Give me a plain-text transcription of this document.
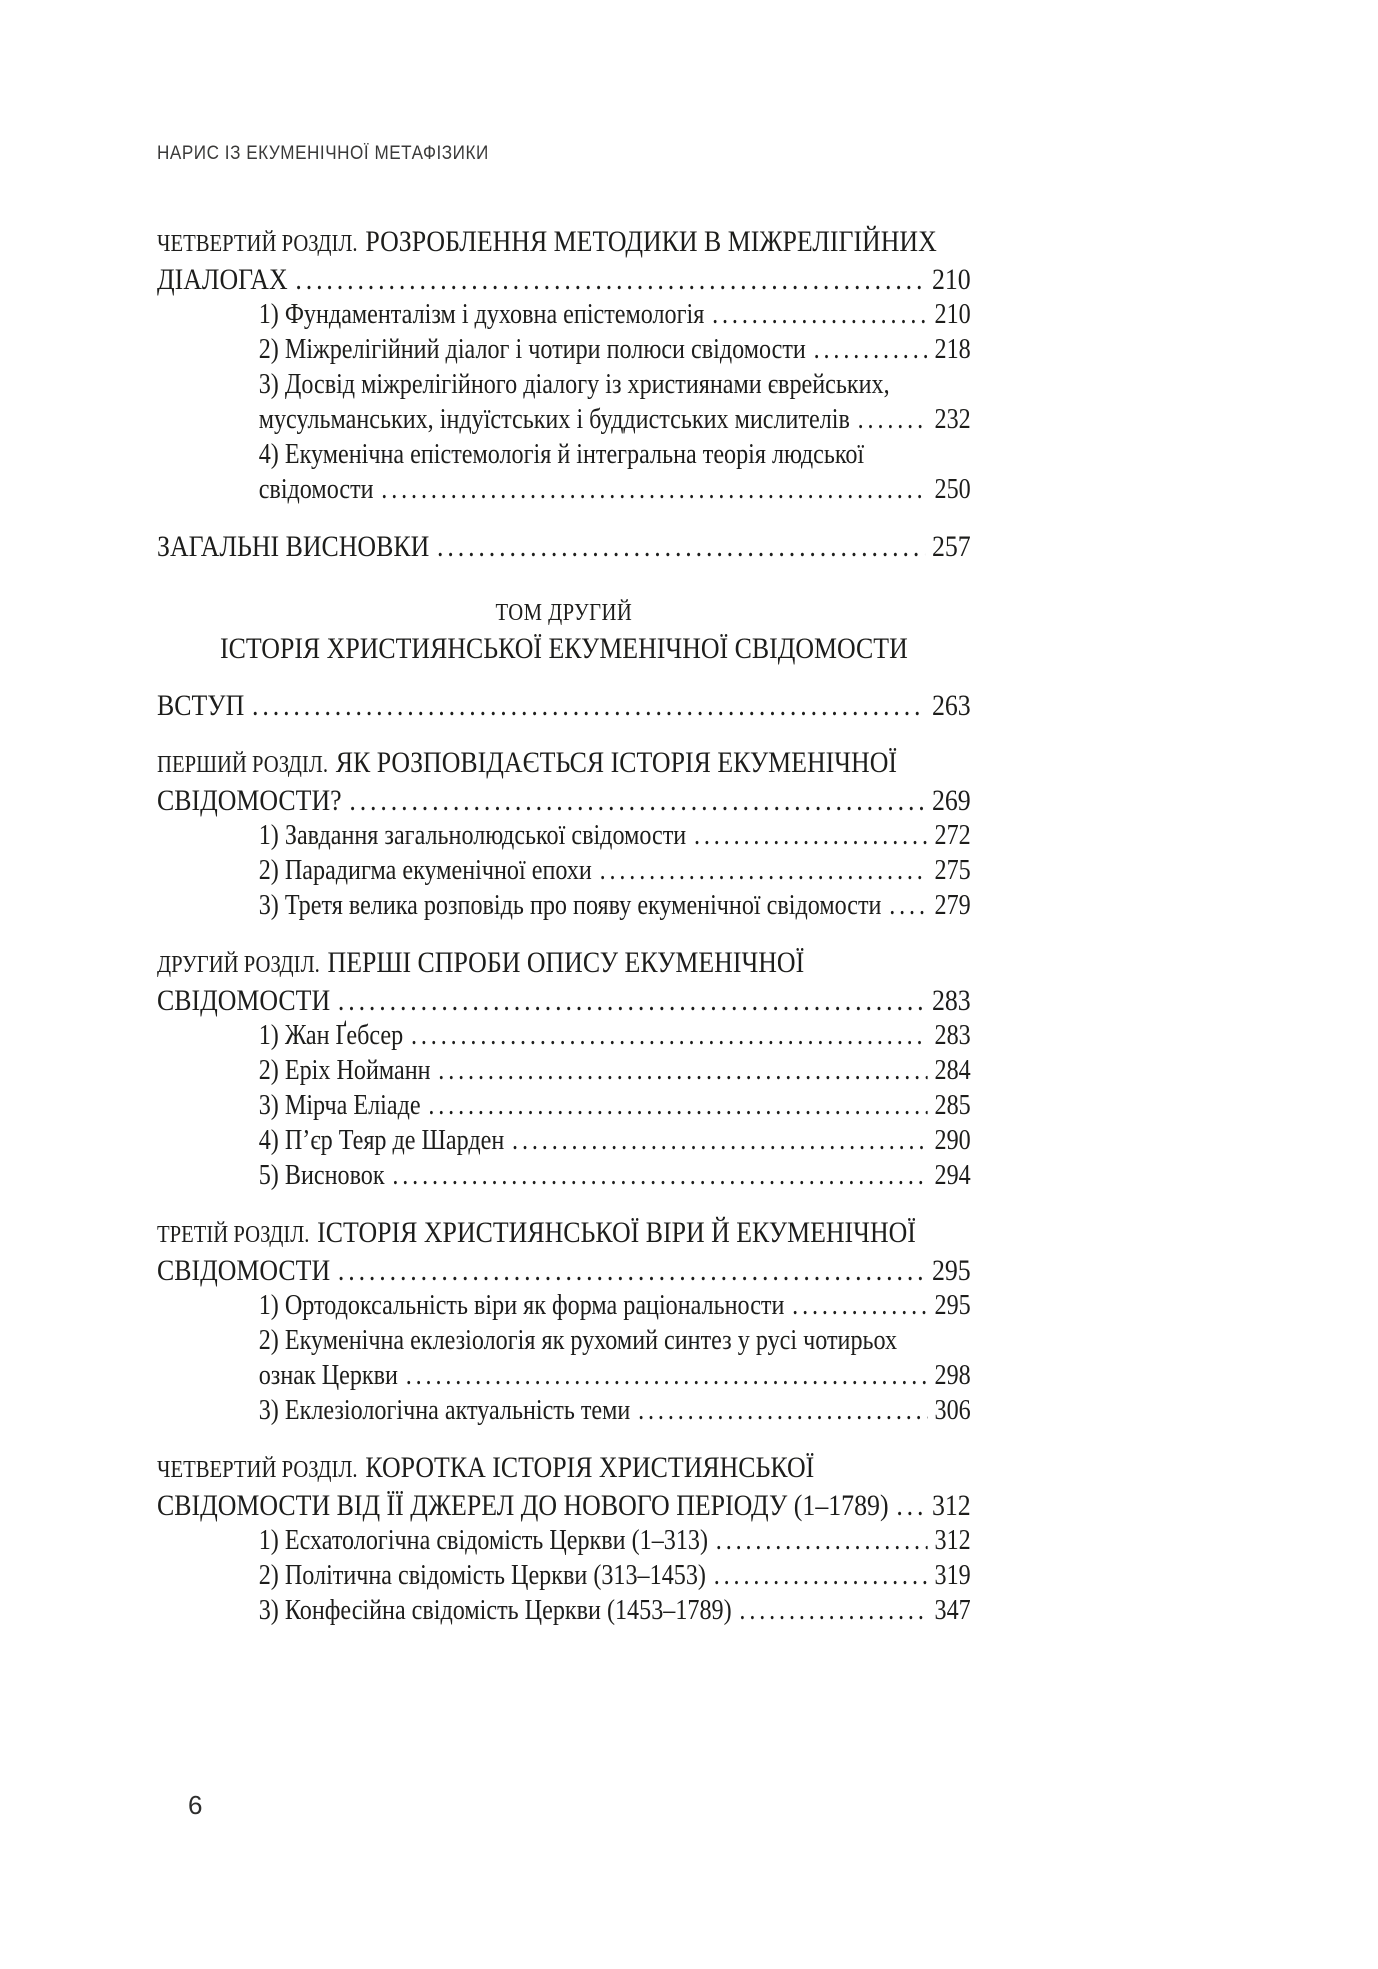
НАРИС ІЗ ЕКУМЕНІЧНОЇ МЕТАФІЗИКИ
ЧЕТВЕРТИЙ РОЗДІЛ. РОЗРОБЛЕННЯ МЕТОДИКИ В МІЖРЕЛІГІЙНИХ
ДІАЛОГАХ .....	210
1) Фундаменталізм і духовна епістемологія .....	210
2) Міжрелігійний діалог і чотири полюси свідомости .....	218
3) Досвід міжрелігійного діалогу із християнами єврейських,
мусульманських, індуїстських і буддистських мислителів .....	232
4) Екуменічна епістемологія й інтегральна теорія людської
свідомости .....	250
ЗАГАЛЬНІ ВИСНОВКИ .....	257
ТОМ ДРУГИЙ
ІСТОРІЯ ХРИСТИЯНСЬКОЇ ЕКУМЕНІЧНОЇ СВІДОМОСТИ
ВСТУП .....	263
ПЕРШИЙ РОЗДІЛ. ЯК РОЗПОВІДАЄТЬСЯ ІСТОРІЯ ЕКУМЕНІЧНОЇ
СВІДОМОСТИ? .....	269
1) Завдання загальнолюдської свідомости .....	272
2) Парадигма екуменічної епохи .....	275
3) Третя велика розповідь про появу екуменічної свідомости ..... 279
ДРУГИЙ РОЗДІЛ. ПЕРШІ СПРОБИ ОПИСУ ЕКУМЕНІЧНОЇ
СВІДОМОСТИ .....	283
1) Жан Ґебсер .....	283
2) Еріх Нойманн .....	284
3) Мірча Еліаде .....	285
4) П’єр Теяр де Шарден .....	290
5) Висновок .....	294
ТРЕТІЙ РОЗДІЛ. ІСТОРІЯ ХРИСТИЯНСЬКОЇ ВІРИ Й ЕКУМЕНІЧНОЇ
СВІДОМОСТИ .....	295
1) Ортодоксальність віри як форма раціональности .....	295
2) Екуменічна еклезіологія як рухомий синтез у русі чотирьох
ознак Церкви .....	298
3) Еклезіологічна актуальність теми .....	306
ЧЕТВЕРТИЙ РОЗДІЛ. КОРОТКА ІСТОРІЯ ХРИСТИЯНСЬКОЇ
СВІДОМОСТИ ВІД ЇЇ ДЖЕРЕЛ ДО НОВОГО ПЕРІОДУ (1–1789) ..... 312
1) Есхатологічна свідомість Церкви (1–313) .....	312
2) Політична свідомість Церкви (313–1453) .....	319
3) Конфесійна свідомість Церкви (1453–1789) .....	347
6
